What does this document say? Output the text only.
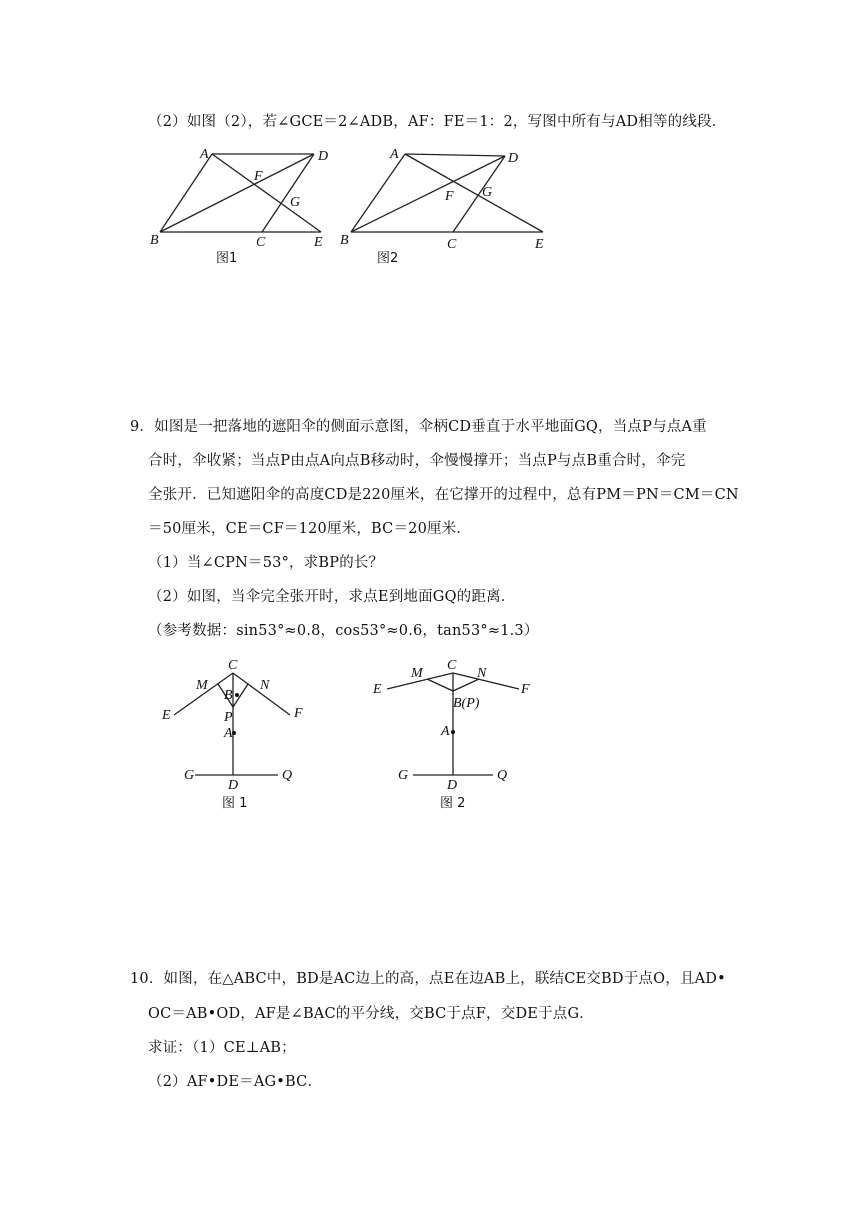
（2）如图（2），若∠GCE＝2∠ADB，AF：FE＝1：2，写图中所有与AD相等的线段．
A	D
F
G
B	C	E
图1
A	D
F G
B	C	E
图2
9．如图是一把落地的遮阳伞的侧面示意图，伞柄CD垂直于水平地面GQ，当点P与点A重
合时，伞收紧；当点P由点A向点B移动时，伞慢慢撑开；当点P与点B重合时，伞完
全张开．已知遮阳伞的高度CD是220厘米，在它撑开的过程中，总有PM＝PN＝CM＝CN
＝50厘米，CE＝CF＝120厘米，BC＝20厘米．
（1）当∠CPN＝53°，求BP的长？
（2）如图，当伞完全张开时，求点E到地面GQ的距离．
（参考数据：sin53°≈0.8，cos53°≈0.6，tan53°≈1.3）
C
M	N
B
E	F
P
A
G
D
Q
图 1
C
M	N
E	F
B(P)
A
G
D
Q
图 2
10．如图，在△ABC中，BD是AC边上的高，点E在边AB上，联结CE交BD于点O，且AD•
OC＝AB•OD，AF是∠BAC的平分线，交BC于点F，交DE于点G．
求证：（1）CE⊥AB；
（2）AF•DE＝AG•BC．
